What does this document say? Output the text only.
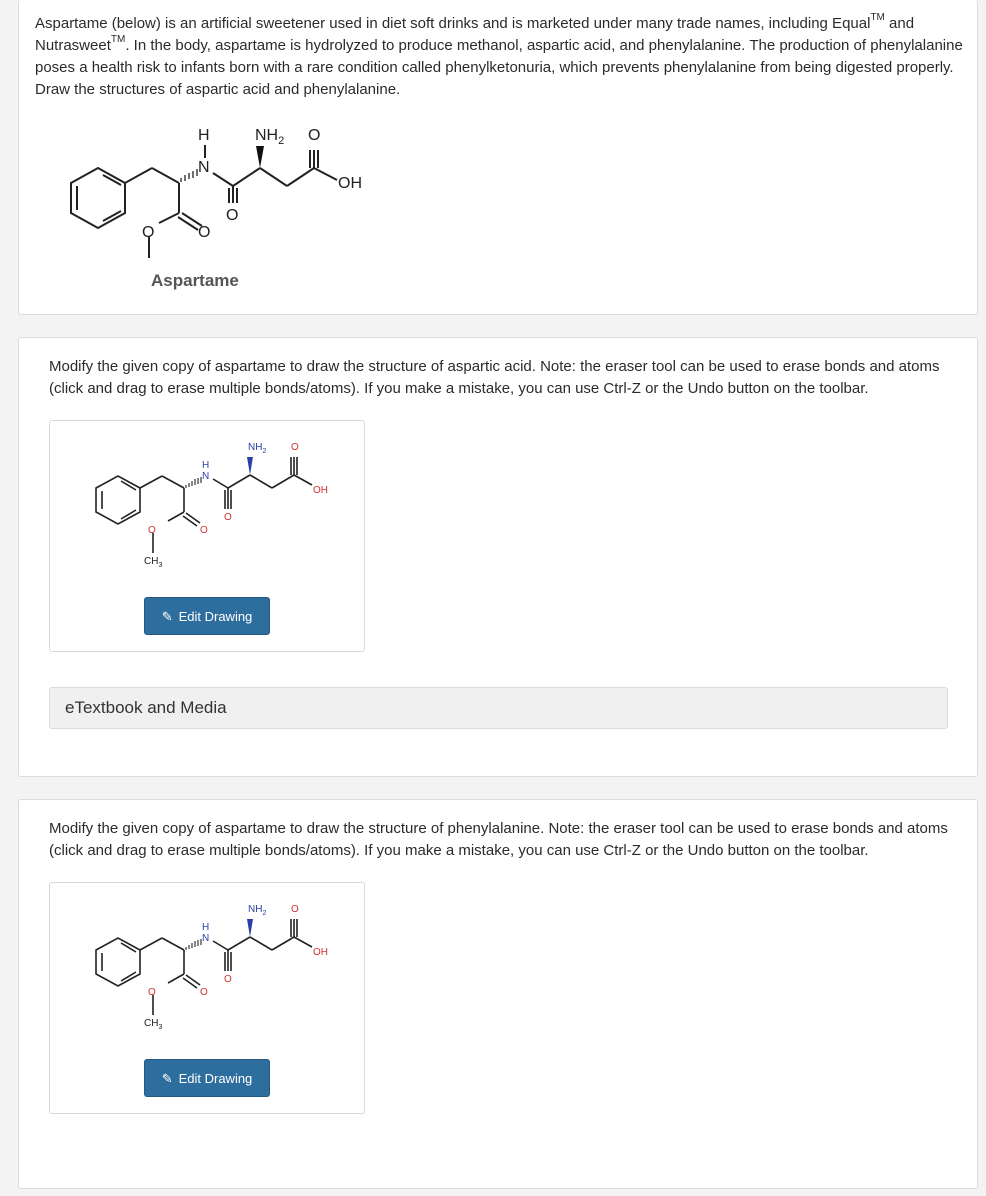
Aspartame (below) is an artificial sweetener used in diet soft drinks and is marketed under many trade names, including Equal™ and Nutrasweet™. In the body, aspartame is hydrolyzed to produce methanol, aspartic acid, and phenylalanine. The production of phenylalanine poses a health risk to infants born with a rare condition called phenylketonuria, which prevents phenylalanine from being digested properly. Draw the structures of aspartic acid and phenylalanine.

H
N
$NH_2$ O
OH
O
O	O
Aspartame

Modify the given copy of aspartame to draw the structure of aspartic acid. Note: the eraser tool can be used to erase bonds and atoms (click and drag to erase multiple bonds/atoms). If you make a mistake, you can use Ctrl-Z or the Undo button on the toolbar.

H
N
$NH_2$ O
OH
O
O	O
$CH_3$
✎ Edit Drawing
eTextbook and Media

Modify the given copy of aspartame to draw the structure of phenylalanine. Note: the eraser tool can be used to erase bonds and atoms (click and drag to erase multiple bonds/atoms). If you make a mistake, you can use Ctrl-Z or the Undo button on the toolbar.

H
N
$NH_2$ O
OH
O
O	O
$CH_3$
✎ Edit Drawing
